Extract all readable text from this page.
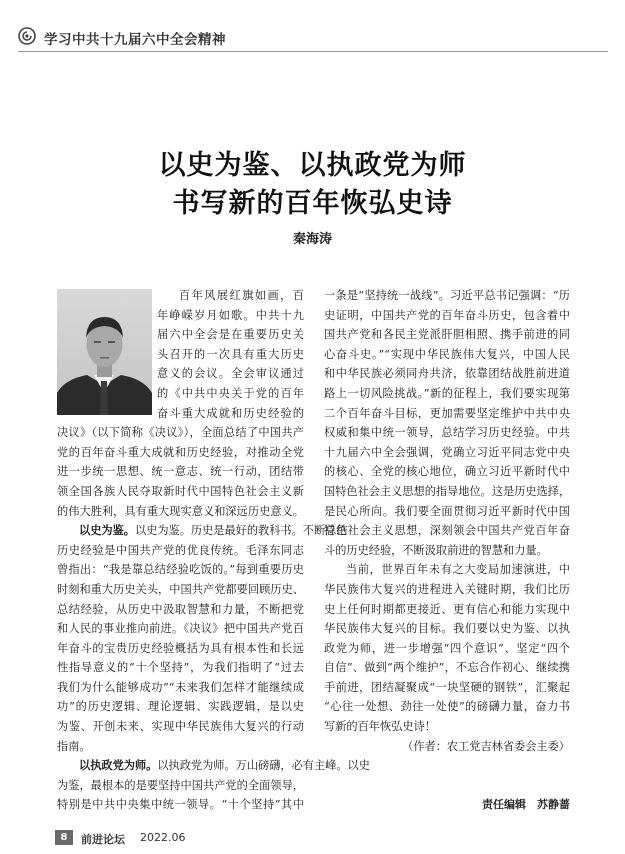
学习中共十九届六中全会精神
以史为鉴、以执政党为师
书写新的百年恢弘史诗
秦海涛
百年风展红旗如画，百
年峥嵘岁月如歌。中共十九
届六中全会是在重要历史关
头召开的一次具有重大历史
意义的会议。全会审议通过
的《中共中央关于党的百年
奋斗重大成就和历史经验的
决议》（以下简称《决议》），全面总结了中国共产
党的百年奋斗重大成就和历史经验，对推动全党
进一步统一思想、统一意志、统一行动，团结带
领全国各族人民夺取新时代中国特色社会主义新
的伟大胜利，具有重大现实意义和深远历史意义。
以史为鉴。以史为鉴。历史是最好的教科书。不断总结
历史经验是中国共产党的优良传统。毛泽东同志
曾指出：“我是靠总结经验吃饭的。”每到重要历史
时刻和重大历史关头，中国共产党都要回顾历史、
总结经验，从历史中汲取智慧和力量，不断把党
和人民的事业推向前进。《决议》把中国共产党百
年奋斗的宝贵历史经验概括为具有根本性和长远
性指导意义的“十个坚持”，为我们指明了“过去
我们为什么能够成功”“未来我们怎样才能继续成
功”的历史逻辑、理论逻辑、实践逻辑，是以史
为鉴、开创未来、实现中华民族伟大复兴的行动
指南。
以执政党为师。以执政党为师。万山磅礴，必有主峰。以史
为鉴，最根本的是要坚持中国共产党的全面领导，
特别是中共中央集中统一领导。“十个坚持”其中
一条是“坚持统一战线”。习近平总书记强调：“历
史证明，中国共产党的百年奋斗历史，包含着中
国共产党和各民主党派肝胆相照、携手前进的同
心奋斗史。”“实现中华民族伟大复兴，中国人民
和中华民族必须同舟共济，依靠团结战胜前进道
路上一切风险挑战。”新的征程上，我们要实现第
二个百年奋斗目标，更加需要坚定维护中共中央
权威和集中统一领导，总结学习历史经验。中共
十九届六中全会强调，党确立习近平同志党中央
的核心、全党的核心地位，确立习近平新时代中
国特色社会主义思想的指导地位。这是历史选择，
是民心所向。我们要全面贯彻习近平新时代中国
特色社会主义思想，深刻领会中国共产党百年奋
斗的历史经验，不断汲取前进的智慧和力量。
当前，世界百年未有之大变局加速演进，中
华民族伟大复兴的进程进入关键时期，我们比历
史上任何时期都更接近、更有信心和能力实现中
华民族伟大复兴的目标。我们要以史为鉴、以执
政党为师，进一步增强“四个意识”、坚定“四个
自信”、做到“两个维护”，不忘合作初心、继续携
手前进，团结凝聚成“一块坚硬的钢铁”，汇聚起
“心往一处想、劲往一处使”的磅礴力量，奋力书
写新的百年恢弘史诗！
（作者：农工党吉林省委会主委）
责任编辑　苏静蔷
8	前进论坛 2022.06
